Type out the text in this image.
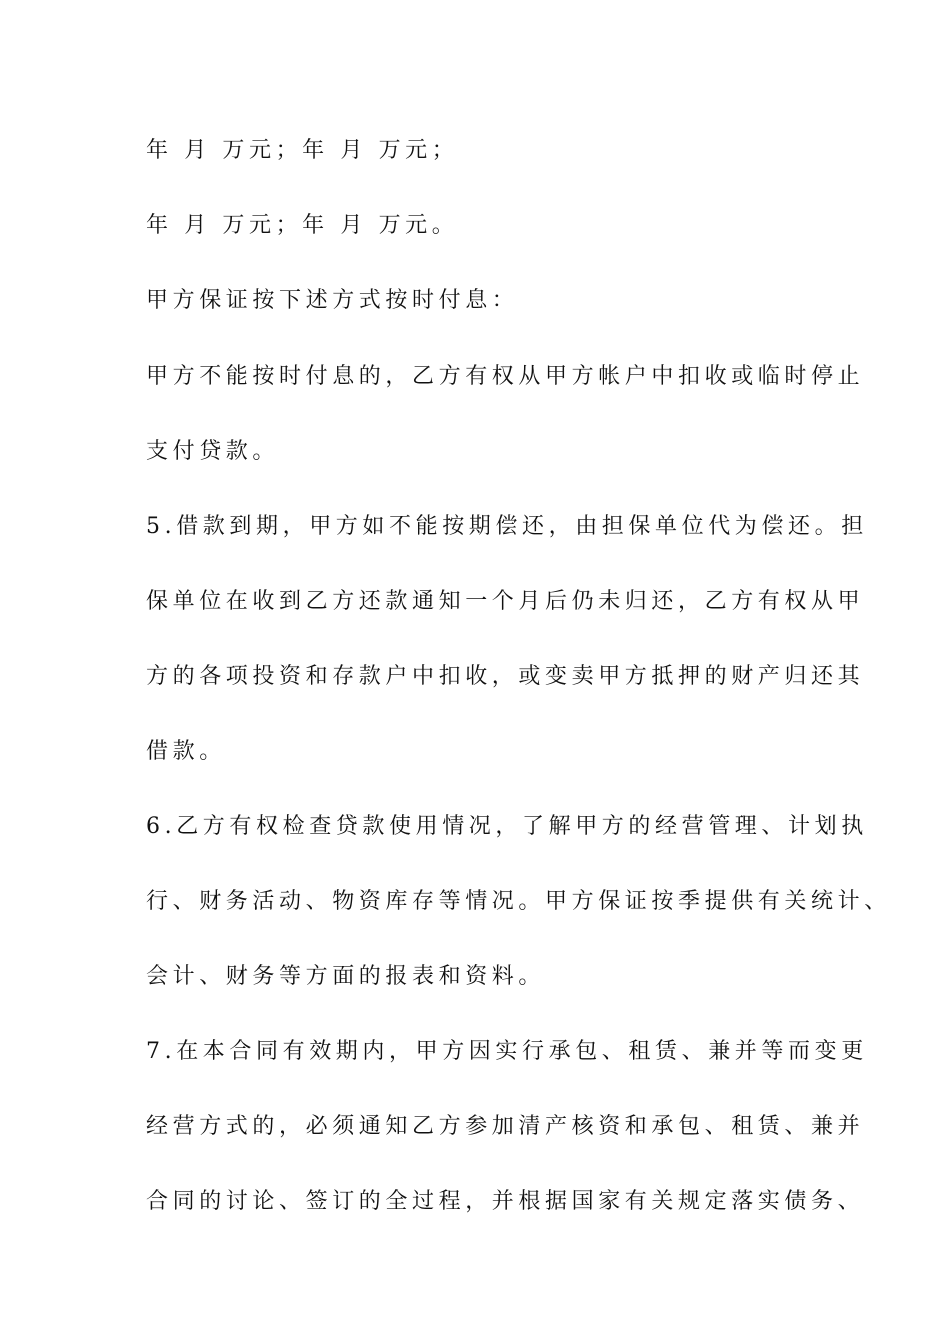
年 月 万元；年 月 万元；
年 月 万元；年 月 万元。
甲方保证按下述方式按时付息：
甲方不能按时付息的，乙方有权从甲方帐户中扣收或临时停止
支付贷款。
5.借款到期，甲方如不能按期偿还，由担保单位代为偿还。担
保单位在收到乙方还款通知一个月后仍未归还，乙方有权从甲
方的各项投资和存款户中扣收，或变卖甲方抵押的财产归还其
借款。
6.乙方有权检查贷款使用情况，了解甲方的经营管理、计划执
行、财务活动、物资库存等情况。甲方保证按季提供有关统计、
会计、财务等方面的报表和资料。
7.在本合同有效期内，甲方因实行承包、租赁、兼并等而变更
经营方式的，必须通知乙方参加清产核资和承包、租赁、兼并
合同的讨论、签订的全过程，并根据国家有关规定落实债务、
